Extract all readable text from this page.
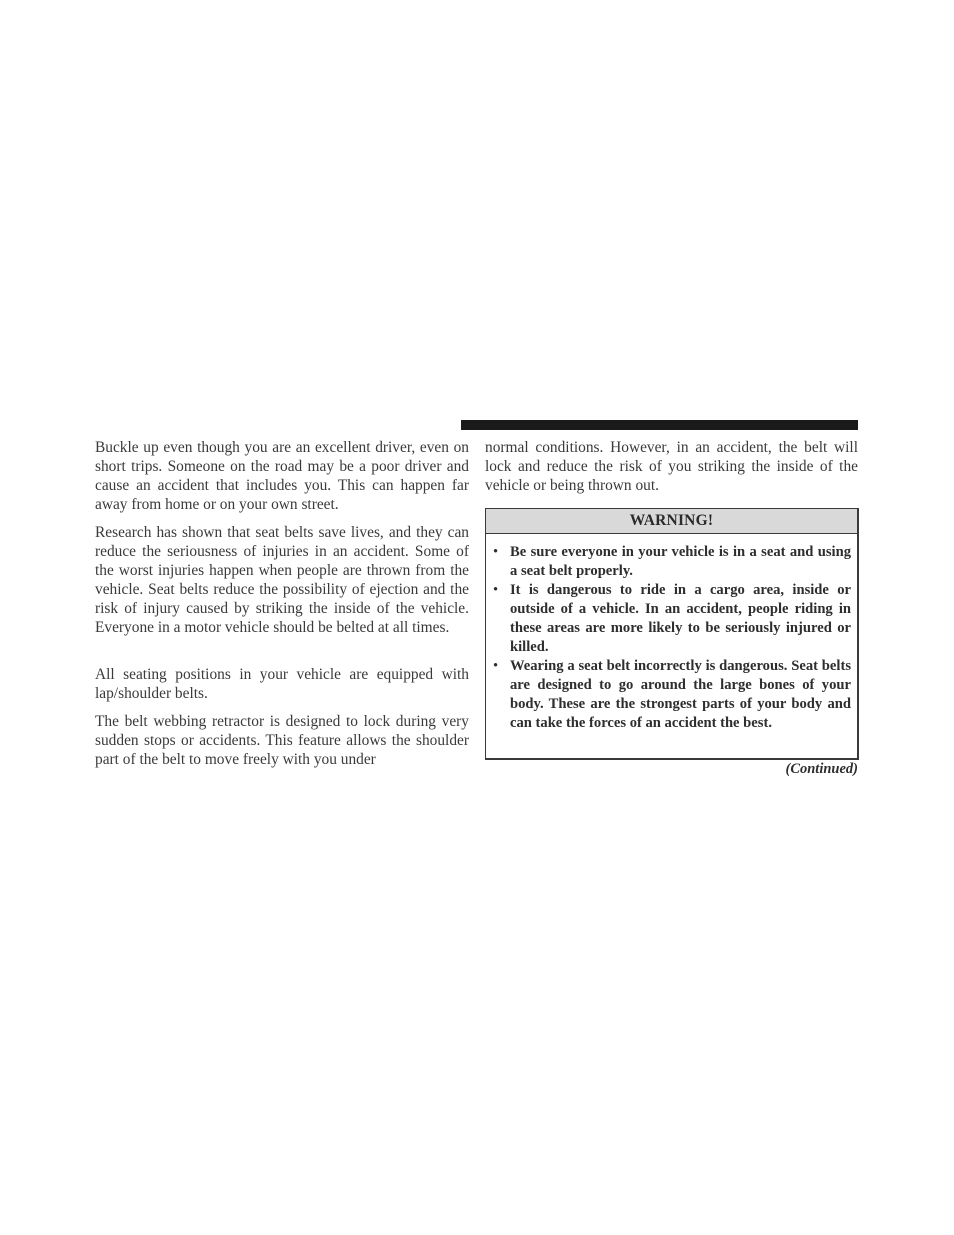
Buckle up even though you are an excellent driver, even on short trips. Someone on the road may be a poor driver and cause an accident that includes you. This can happen far away from home or on your own street.

Research has shown that seat belts save lives, and they can reduce the seriousness of injuries in an accident. Some of the worst injuries happen when people are thrown from the vehicle. Seat belts reduce the possibility of ejection and the risk of injury caused by striking the inside of the vehicle. Everyone in a motor vehicle should be belted at all times.

All seating positions in your vehicle are equipped with lap/shoulder belts.

The belt webbing retractor is designed to lock during very sudden stops or accidents. This feature allows the shoulder part of the belt to move freely with you under

normal conditions. However, in an accident, the belt will lock and reduce the risk of you striking the inside of the vehicle or being thrown out.

WARNING!
• Be sure everyone in your vehicle is in a seat and using a seat belt properly.
• It is dangerous to ride in a cargo area, inside or outside of a vehicle. In an accident, people riding in these areas are more likely to be seriously injured or killed.
• Wearing a seat belt incorrectly is dangerous. Seat belts are designed to go around the large bones of your body. These are the strongest parts of your body and can take the forces of an accident the best.
(Continued)
